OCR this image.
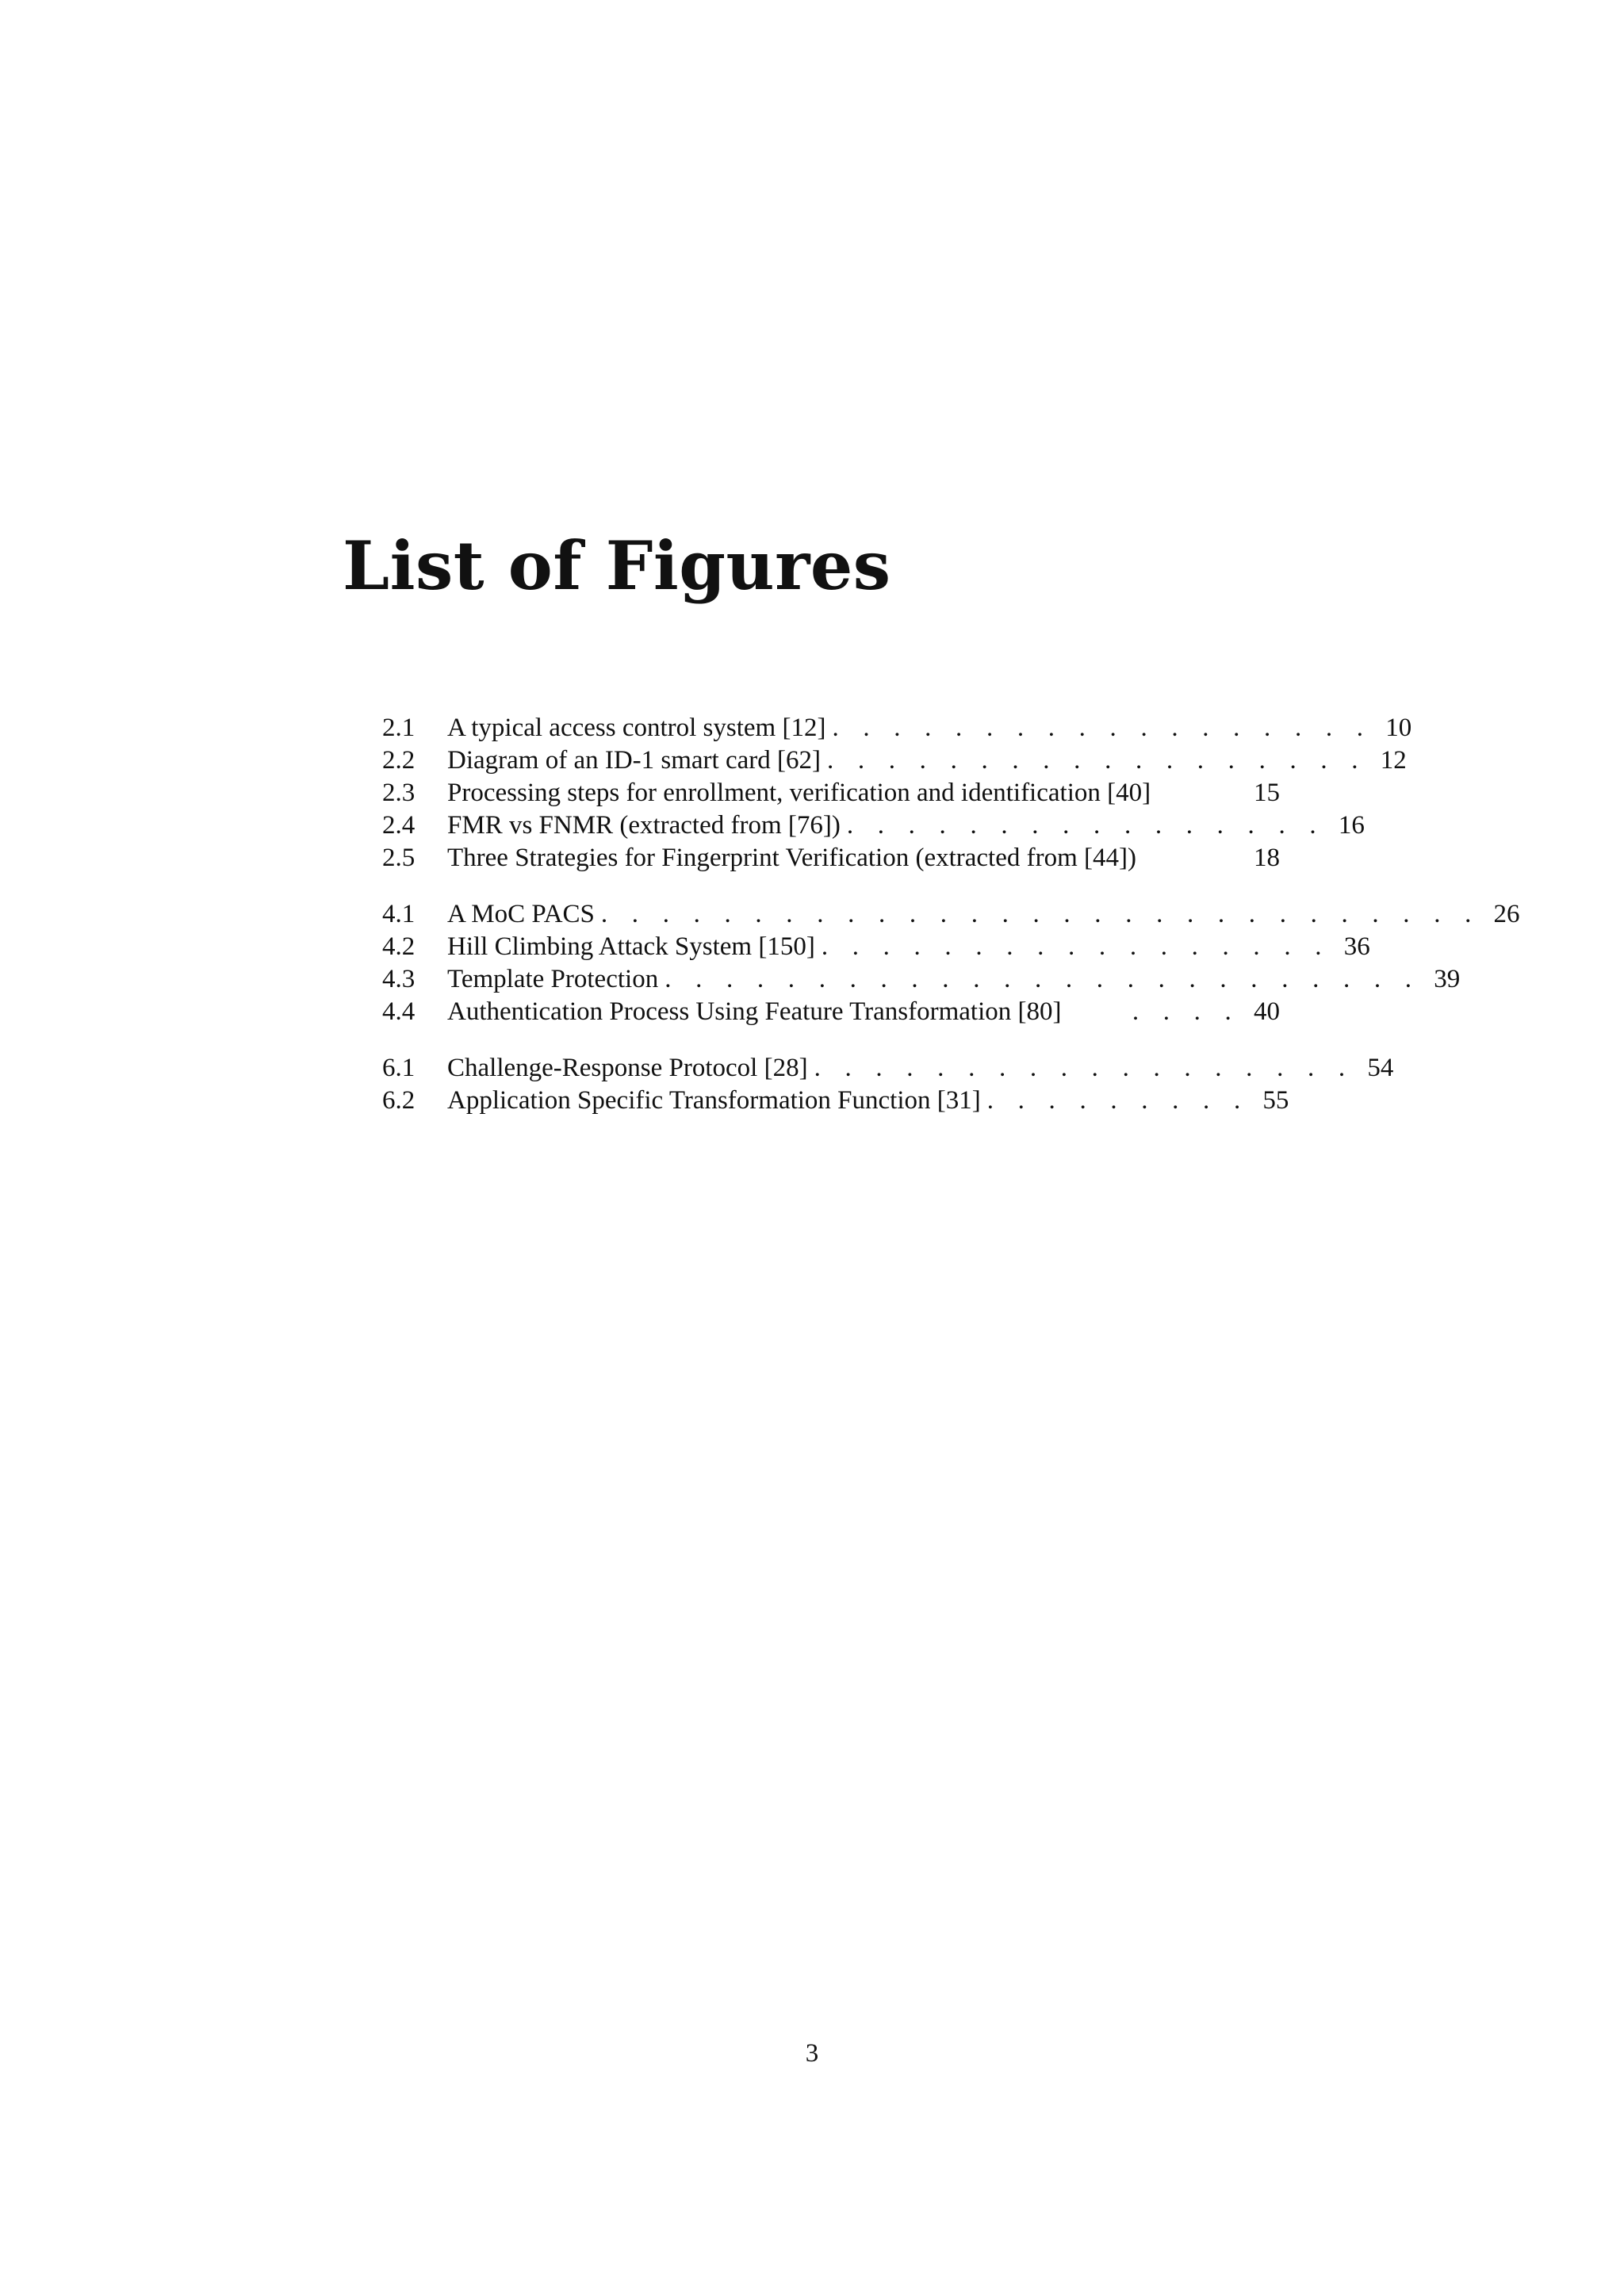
List of Figures
2.1	A typical access control system [12] . . . . . . . . . . . . . . . . . . 10
2.2	Diagram of an ID-1 smart card [62] . . . . . . . . . . . . . . . . . . 12
2.3	Processing steps for enrollment, verification and identification [40]	15
2.4	FMR vs FNMR (extracted from [76]) . . . . . . . . . . . . . . . . 16
2.5	Three Strategies for Fingerprint Verification (extracted from [44])	18
4.1	A MoC PACS . . . . . . . . . . . . . . . . . . . . . . . . . . . . . 26
4.2	Hill Climbing Attack System [150] . . . . . . . . . . . . . . . . . 36
4.3	Template Protection . . . . . . . . . . . . . . . . . . . . . . . . . 39
4.4	Authentication Process Using Feature Transformation [80]	. . . . 40
6.1	Challenge-Response Protocol [28] . . . . . . . . . . . . . . . . . . 54
6.2	Application Specific Transformation Function [31] . . . . . . . . . 55
3
